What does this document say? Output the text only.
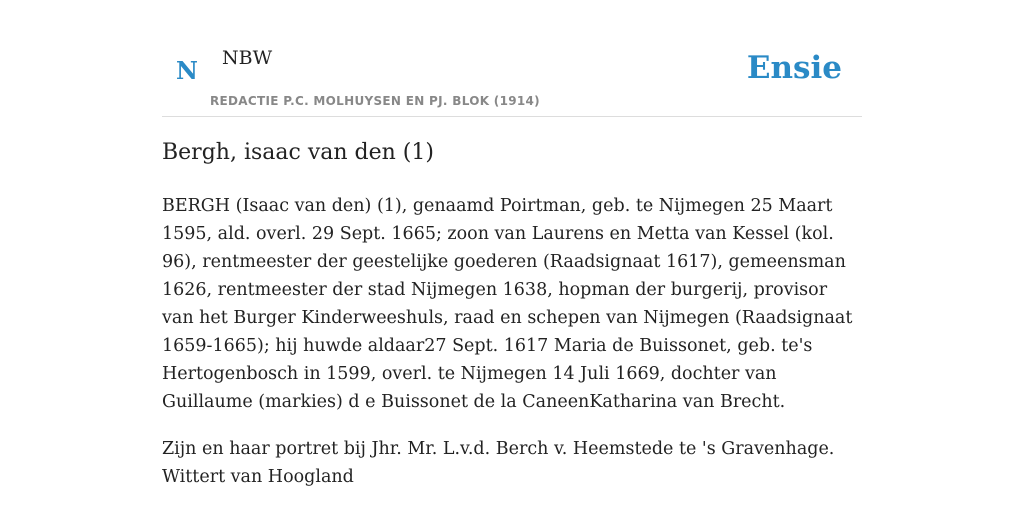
N NBW
REDACTIE P.C. MOLHUYSEN EN PJ. BLOK (1914)
Ensie
Bergh, isaac van den (1)

BERGH (Isaac van den) (1), genaamd Poirtman, geb. te Nijmegen 25 Maart 1595, ald. overl. 29 Sept. 1665; zoon van Laurens en Metta van Kessel (kol. 96), rentmeester der geestelijke goederen (Raadsignaat 1617), gemeensman 1626, rentmeester der stad Nijmegen 1638, hopman der burgerij, provisor van het Burger Kinderweeshuls, raad en schepen van Nijmegen (Raadsignaat 1659-1665); hij huwde aldaar27 Sept. 1617 Maria de Buissonet, geb. te's Hertogenbosch in 1599, overl. te Nijmegen 14 Juli 1669, dochter van Guillaume (markies) d e Buissonet de la CaneenKatharina van Brecht.

Zijn en haar portret bij Jhr. Mr. L.v.d. Berch v. Heemstede te 's Gravenhage. Wittert van Hoogland
